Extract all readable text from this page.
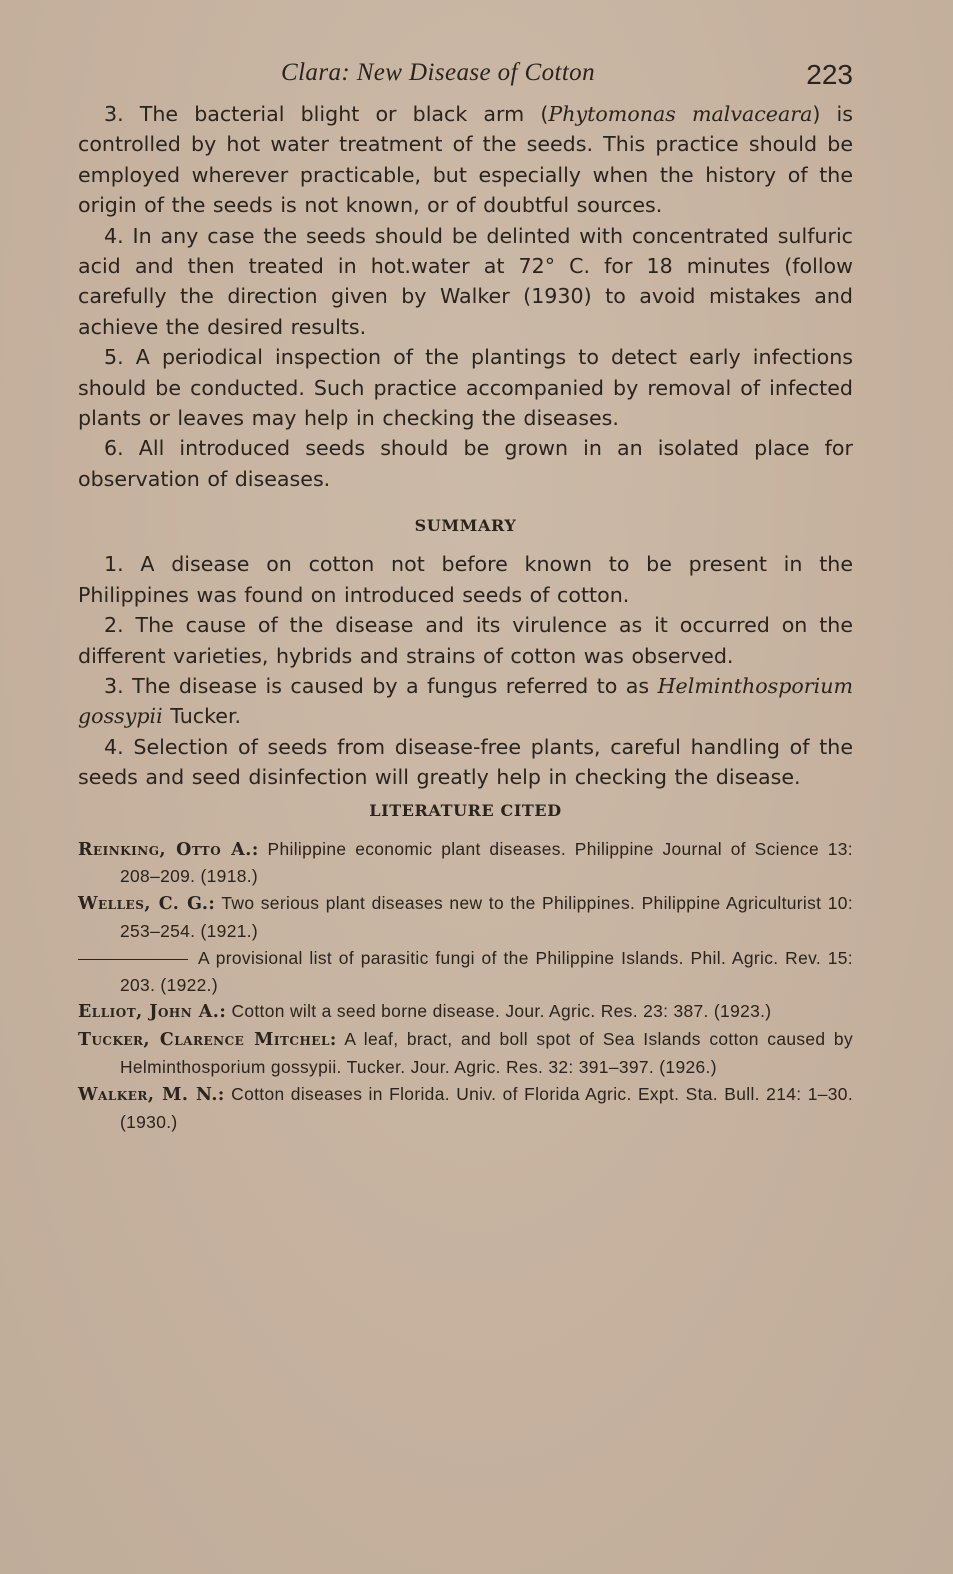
Clara: New Disease of Cotton	223

3. The bacterial blight or black arm (Phytomonas malvaceara) is controlled by hot water treatment of the seeds. This practice should be employed wherever practicable, but especially when the history of the origin of the seeds is not known, or of doubtful sources.

4. In any case the seeds should be delinted with concentrated sulfuric acid and then treated in hot.water at 72° C. for 18 minutes (follow carefully the direction given by Walker (1930) to avoid mistakes and achieve the desired results.

5. A periodical inspection of the plantings to detect early infections should be conducted. Such practice accompanied by removal of infected plants or leaves may help in checking the diseases.

6. All introduced seeds should be grown in an isolated place for observation of diseases.

SUMMARY

1. A disease on cotton not before known to be present in the Philippines was found on introduced seeds of cotton.

2. The cause of the disease and its virulence as it occurred on the different varieties, hybrids and strains of cotton was observed.

3. The disease is caused by a fungus referred to as Helminthosporium gossypii Tucker.

4. Selection of seeds from disease-free plants, careful handling of the seeds and seed disinfection will greatly help in checking the disease.

LITERATURE CITED

Reinking, Otto A.: Philippine economic plant diseases. Philippine Journal of Science 13: 208–209. (1918.)

Welles, C. G.: Two serious plant diseases new to the Philippines. Philippine Agriculturist 10: 253–254. (1921.)

A provisional list of parasitic fungi of the Philippine Islands. Phil. Agric. Rev. 15: 203. (1922.)

Elliot, John A.: Cotton wilt a seed borne disease. Jour. Agric. Res. 23: 387. (1923.)

Tucker, Clarence Mitchel: A leaf, bract, and boll spot of Sea Islands cotton caused by Helminthosporium gossypii. Tucker. Jour. Agric. Res. 32: 391–397. (1926.)

Walker, M. N.: Cotton diseases in Florida. Univ. of Florida Agric. Expt. Sta. Bull. 214: 1–30. (1930.)
